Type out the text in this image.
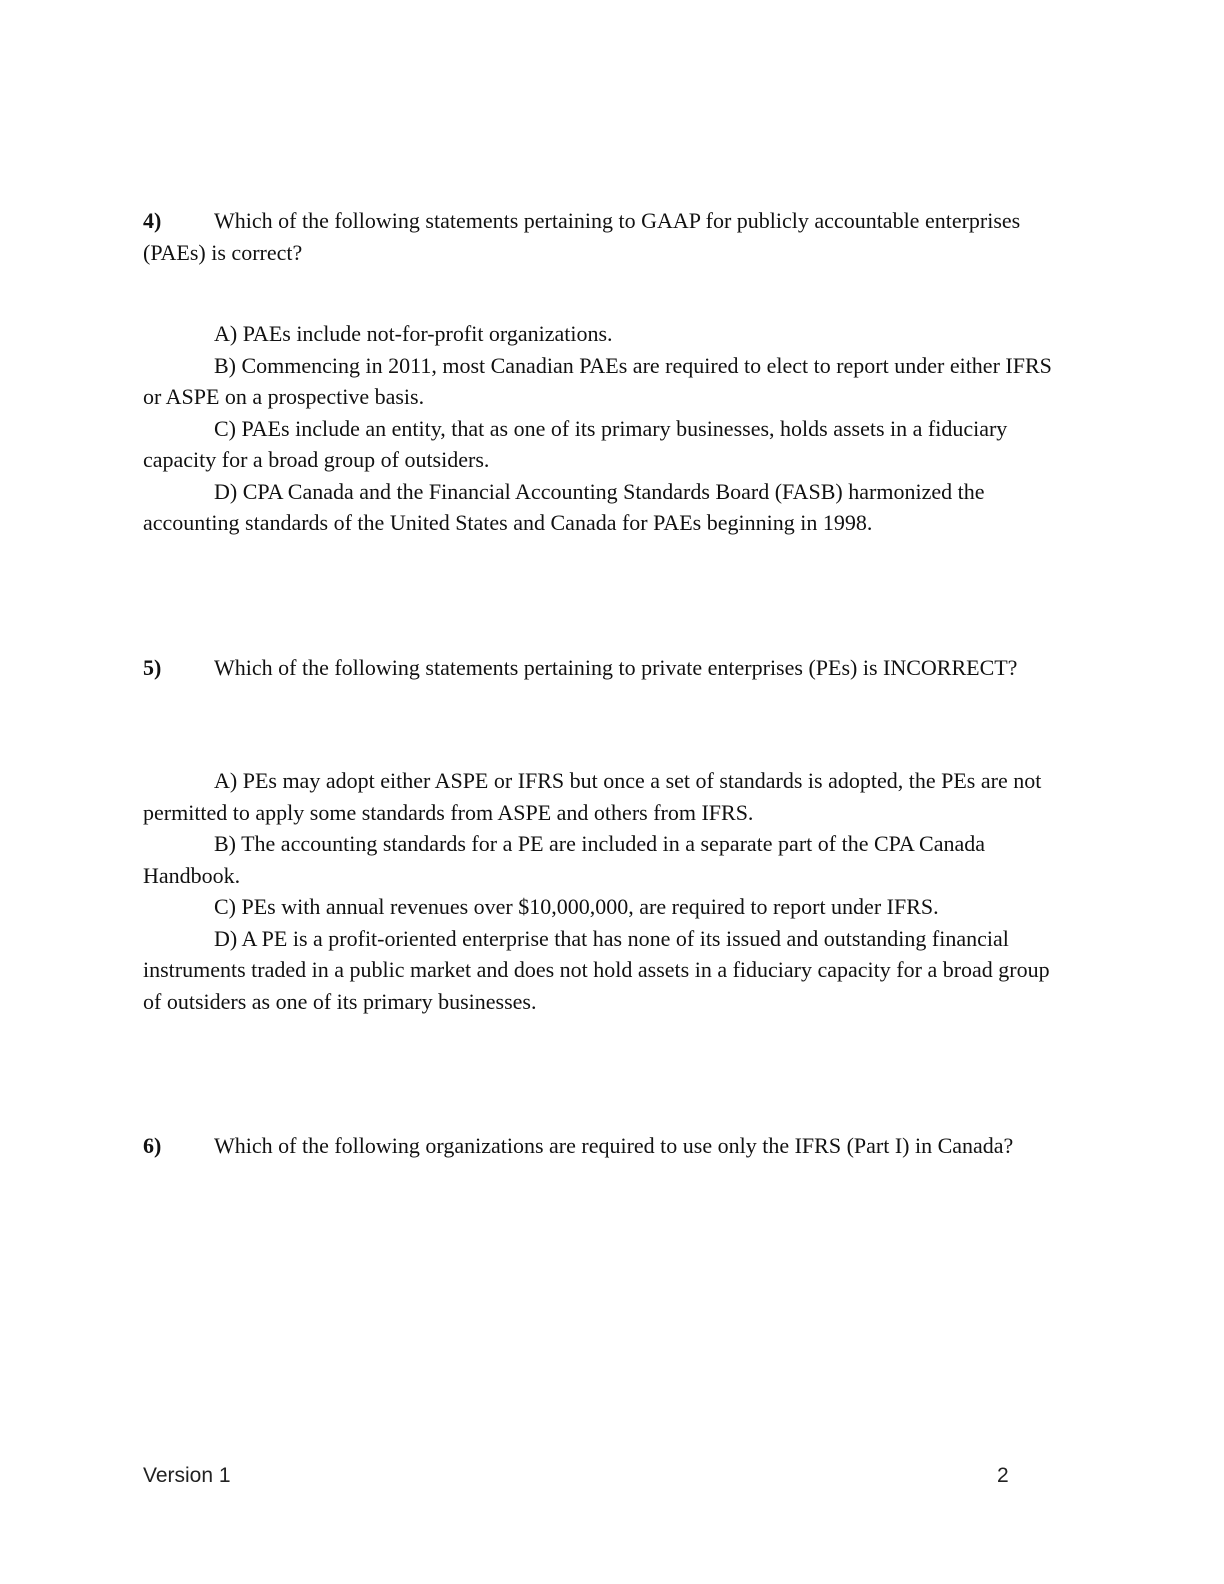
4) Which of the following statements pertaining to GAAP for publicly accountable enterprises (PAEs) is correct?

A) PAEs include not-for-profit organizations.

B) Commencing in 2011, most Canadian PAEs are required to elect to report under either IFRS or ASPE on a prospective basis.

C) PAEs include an entity, that as one of its primary businesses, holds assets in a fiduciary capacity for a broad group of outsiders.

D) CPA Canada and the Financial Accounting Standards Board (FASB) harmonized the accounting standards of the United States and Canada for PAEs beginning in 1998.

5) Which of the following statements pertaining to private enterprises (PEs) is INCORRECT?

A) PEs may adopt either ASPE or IFRS but once a set of standards is adopted, the PEs are not permitted to apply some standards from ASPE and others from IFRS.

B) The accounting standards for a PE are included in a separate part of the CPA Canada Handbook.

C) PEs with annual revenues over $10,000,000, are required to report under IFRS.

D) A PE is a profit-oriented enterprise that has none of its issued and outstanding financial instruments traded in a public market and does not hold assets in a fiduciary capacity for a broad group of outsiders as one of its primary businesses.

6) Which of the following organizations are required to use only the IFRS (Part I) in Canada?

Version 1	2
